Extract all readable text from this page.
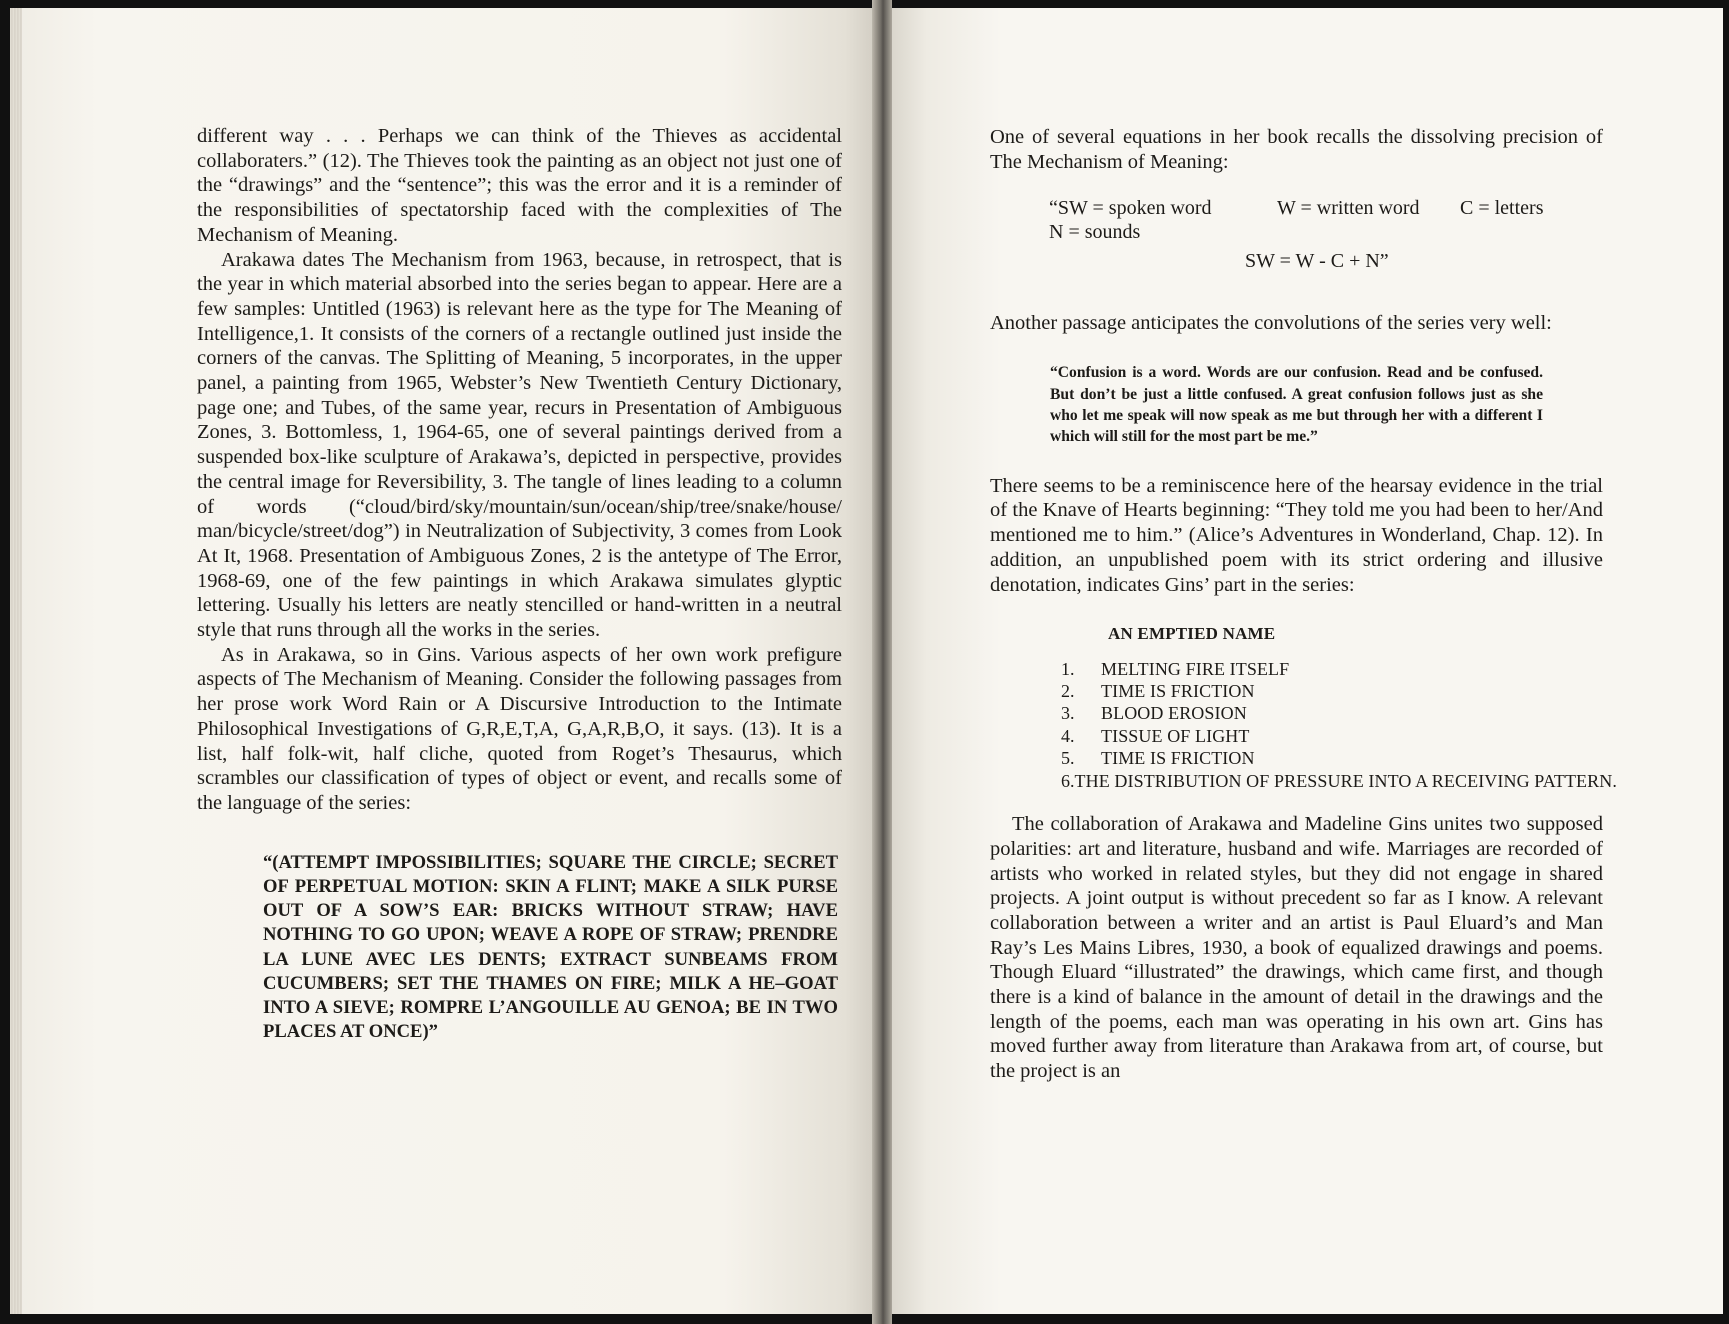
different way . . . Perhaps we can think of the Thieves as accidental collaboraters.” (12). The Thieves took the painting as an object not just one of the “drawings” and the “sentence”; this was the error and it is a reminder of the responsibilities of spectatorship faced with the complexities of The Mechanism of Meaning.

Arakawa dates The Mechanism from 1963, because, in retrospect, that is the year in which material absorbed into the series began to appear. Here are a few samples: Untitled (1963) is relevant here as the type for The Meaning of Intelligence,1. It consists of the corners of a rectangle outlined just inside the corners of the canvas. The Splitting of Meaning, 5 incorporates, in the upper panel, a painting from 1965, Webster’s New Twentieth Century Dictionary, page one; and Tubes, of the same year, recurs in Presentation of Ambiguous Zones, 3. Bottomless, 1, 1964-65, one of several paintings derived from a suspended box-like sculpture of Arakawa’s, depicted in perspective, provides the central image for Reversibility, 3. The tangle of lines leading to a column of words (“cloud/bird/sky/mountain/sun/ocean/ship/tree/snake/house/ man/bicycle/street/dog”) in Neutralization of Subjectivity, 3 comes from Look At It, 1968. Presentation of Ambiguous Zones, 2 is the antetype of The Error, 1968-69, one of the few paintings in which Arakawa simulates glyptic lettering. Usually his letters are neatly stencilled or hand-written in a neutral style that runs through all the works in the series.

As in Arakawa, so in Gins. Various aspects of her own work prefigure aspects of The Mechanism of Meaning. Consider the following passages from her prose work Word Rain or A Discursive Introduction to the Intimate Philosophical Investigations of G,R,E,T,A, G,A,R,B,O, it says. (13). It is a list, half folk-wit, half cliche, quoted from Roget’s Thesaurus, which scrambles our classification of types of object or event, and recalls some of the language of the series:

“(ATTEMPT IMPOSSIBILITIES; SQUARE THE CIRCLE; SECRET OF PERPETUAL MOTION: SKIN A FLINT; MAKE A SILK PURSE OUT OF A SOW’S EAR: BRICKS WITHOUT STRAW; HAVE NOTHING TO GO UPON; WEAVE A ROPE OF STRAW; PRENDRE LA LUNE AVEC LES DENTS; EXTRACT SUNBEAMS FROM CUCUMBERS; SET THE THAMES ON FIRE; MILK A HE–GOAT INTO A SIEVE; ROMPRE L’ANGOUILLE AU GENOA; BE IN TWO PLACES AT ONCE)”

One of several equations in her book recalls the dissolving precision of The Mechanism of Meaning:

“SW = spoken word	W = written word C = letters
N = sounds
SW = W - C + N”

Another passage anticipates the convolutions of the series very well:

“Confusion is a word. Words are our confusion. Read and be confused. But don’t be just a little confused. A great confusion follows just as she who let me speak will now speak as me but through her with a different I which will still for the most part be me.”

There seems to be a reminiscence here of the hearsay evidence in the trial of the Knave of Hearts beginning: “They told me you had been to her/And mentioned me to him.” (Alice’s Adventures in Wonderland, Chap. 12). In addition, an unpublished poem with its strict ordering and illusive denotation, indicates Gins’ part in the series:

AN EMPTIED NAME
1.	MELTING FIRE ITSELF
2.	TIME IS FRICTION
3.	BLOOD EROSION
4.	TISSUE OF LIGHT
5.	TIME IS FRICTION
6. THE DISTRIBUTION OF PRESSURE INTO A RECEIVING PATTERN.

The collaboration of Arakawa and Madeline Gins unites two supposed polarities: art and literature, husband and wife. Marriages are recorded of artists who worked in related styles, but they did not engage in shared projects. A joint output is without precedent so far as I know. A relevant collaboration between a writer and an artist is Paul Eluard’s and Man Ray’s Les Mains Libres, 1930, a book of equalized drawings and poems. Though Eluard “illustrated” the drawings, which came first, and though there is a kind of balance in the amount of detail in the drawings and the length of the poems, each man was operating in his own art. Gins has moved further away from literature than Arakawa from art, of course, but the project is an
